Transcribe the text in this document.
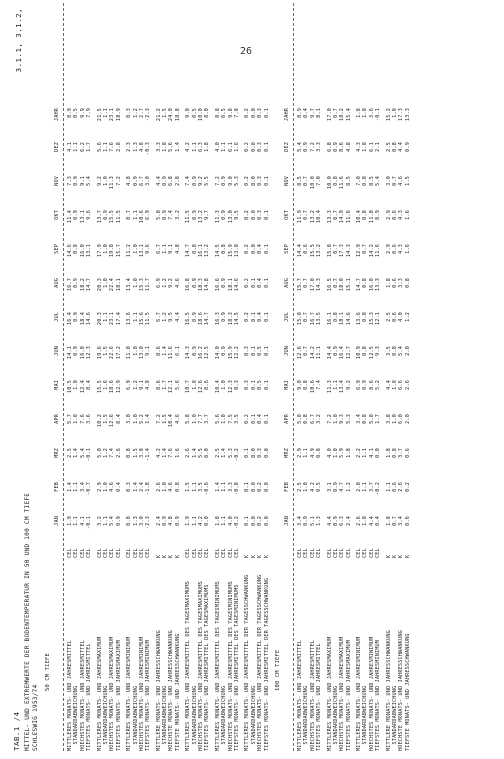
26
TAB.1 /4
3.1.1, 3.1.2,
MITTEL- UND EXTREMWERTE DER BODENTEMPERATUR IN 50 UND 100 CM TIEFE SCHLESWIG 1953/74
50 CM TIEFE
JAN
FEB
MRZ
APR
MAI
JUN
JUL
AUG
SEP
OKT
NOV
DEZ
JAHR
MITTLERES MONATS- UND JAHRESMITTEL
CEL
1.9
1.4
2.5
5.7
10.5
14.1
16.4
16.7
14.6
11.4
7.3
4.1
8.9
STANDARDABWEICHUNG
CEL
1.1
1.1
1.4
1.0
1.0
0.9
0.9
0.9
0.8
0.9
0.9
1.1
0.5
HOECHSTES MONATS- UND JAHRESMITTEL
CEL
4.1
3.4
5.4
7.6
12.4
16.0
18.4
18.2
16.0
13.1
9.1
6.2
9.9
TIEFSTES MONATS- UND JAHRESMITTEL
CEL
-0.1
-0.7
-0.1
3.6
8.4
12.3
14.6
14.7
13.1
9.6
5.4
1.7
7.9
MITTLERES MONATS- UND JAHRESMAXIMUM
CEL
3.2
2.9
5.0
10.2
15.5
19.6
20.3
20.3
17.9
13.7
9.2
5.6
21.5
STANDARDABWEICHUNG
CEL
1.1
1.0
1.2
1.5
1.6
1.5
1.1
1.0
1.0
0.9
1.0
1.1
1.1
HOECHSTES MONATS- UND JAHRESMAXIMUM
CEL
5.4
4.6
7.4
12.6
18.6
22.6
23.1
22.4
19.8
15.5
11.3
7.6
23.1
TIEFSTES MONATS- UND JAHRESMAXIMUM
CEL
0.9
0.4
2.6
8.4
12.9
17.2
17.4
18.1
15.7
11.5
7.2
2.8
18.9
MITTLERES MONATS- UND JAHRESMINIMUM
CEL
0.8
0.3
0.8
3.0
6.9
11.0
13.6
13.4
11.2
8.7
4.8
2.3
0.3
STANDARDABWEICHUNG
CEL
1.3
1.4
1.5
1.0
1.2
1.0
1.1
1.0
1.0
1.1
0.9
1.3
1.2
HOECHSTES MONATS- UND JAHRESMINIMUM
CEL
3.0
2.4
3.8
5.2
9.1
13.0
15.6
15.3
13.1
10.6
6.7
4.8
2.7
TIEFSTES MONATS- UND JAHRESMINIMUM
CEL
-2.3
-1.8
-1.4
1.4
4.8
9.1
11.5
11.7
9.6
6.9
3.0
-0.3
-2.3
MITTLERE MONATS- UND JAHRESSCHWANKUNG
K
2.4
2.6
4.2
7.2
8.6
8.6
6.7
6.9
6.7
5.0
4.4
3.3
21.2
STANDARDABWEICHUNG
K
0.9
1.0
1.4
1.5
1.7
1.4
1.2
1.2
1.1
0.9
0.9
1.0
1.5
HOECHSTE MONATS- UND JAHRESSCHWANKUNG
K
4.8
4.6
7.6
10.4
12.1
11.6
9.5
9.2
9.1
7.4
6.8
5.6
24.0
TIEFSTE MONATS- UND JAHRESSCHWANKUNG
K
0.9
0.8
1.6
4.6
5.6
6.1
4.4
4.6
4.8
3.2
2.8
1.4
18.8
MITTLERES MONATS- UND JAHRESMITTEL DES TAGESMAXIMUMS
CEL
1.9
1.5
2.6
5.8
10.7
14.3
16.5
16.8
14.7
11.5
7.4
4.2
9.0
STANDARDABWEICHUNG
CEL
1.1
1.1
1.4
1.0
1.0
0.9
0.9
0.9
0.8
0.9
0.9
1.1
0.5
HOECHSTES MONATS- UND JAHRESMITTEL DES TAGESMAXIMUMS
CEL
4.2
3.5
5.5
7.7
12.6
16.2
18.6
18.3
16.1
13.2
9.2
6.3
10.0
TIEFSTES MONATS- UND JAHRESMITTEL DES TAGESMAXIMUMS
CEL
0.0
-0.6
0.0
3.7
8.6
12.5
14.7
14.8
13.2
9.7
5.5
1.8
8.0
MITTLERES MONATS- UND JAHRESMITTEL DES TAGESMINIMUMS
CEL
1.8
1.4
2.5
5.6
10.4
14.0
16.3
16.6
14.5
11.3
7.2
4.0
8.8
STANDARDABWEICHUNG
CEL
1.1
1.1
1.4
1.0
1.0
0.9
0.9
0.9
0.8
0.9
0.9
1.1
0.5
HOECHSTES MONATS- UND JAHRESMITTEL DES TAGESMINIMUMS
CEL
4.0
3.3
5.3
7.5
12.3
15.9
18.3
18.1
15.9
13.0
9.0
6.1
9.8
TIEFSTES MONATS- UND JAHRESMITTEL DES TAGESMINIMUMS
CEL
-0.2
-0.8
-0.2
3.5
8.3
12.2
14.5
14.6
13.0
9.5
5.3
1.6
7.8
MITTLERES MONATS- UND JAHRESMITTEL DER TAGESSCHWANKUNG
K
0.1
0.1
0.1
0.2
0.3
0.3
0.2
0.2
0.2
0.2
0.2
0.2
0.2
STANDARDABWEICHUNG
K
0.0
0.0
0.0
0.1
0.1
0.1
0.1
0.1
0.0
0.0
0.0
0.0
0.0
HOECHSTES MONATS- UND JAHRESMITTEL DER TAGESSCHWANKUNG
K
0.2
0.2
0.3
0.4
0.5
0.5
0.4
0.4
0.4
0.3
0.3
0.3
0.3
TIEFSTES MONATS- UND JAHRESMITTEL DER TAGESSCHWANKUNG
K
0.0
0.0
0.0
0.1
0.1
0.1
0.1
0.1
0.1
0.1
0.1
0.1
0.1
100 CM TIEFE
JAN
FEB
MRZ
APR
MAI
JUN
JUL
AUG
SEP
OKT
NOV
DEZ
JAHR
MITTLERES MONATS- UND JAHRESMITTEL
CEL
3.4
2.5
2.9
5.0
9.0
12.6
15.0
15.7
14.4
11.9
8.5
5.4
8.9
STANDARDABWEICHUNG
CEL
0.9
1.0
1.1
0.8
0.8
0.7
0.7
0.7
0.6
0.7
0.7
0.9
0.4
HOECHSTES MONATS- UND JAHRESMITTEL
CEL
5.1
4.2
4.9
6.7
10.6
14.2
16.7
17.0
15.5
13.2
10.0
7.2
9.7
TIEFSTES MONATS- UND JAHRESMITTEL
CEL
1.3
0.5
0.8
3.2
7.4
11.1
13.5
14.3
13.2
10.4
7.0
3.3
8.1
MITTLERES MONATS- UND JAHRESMAXIMUM
CEL
4.4
3.1
4.0
7.2
11.3
14.4
16.1
16.5
15.8
13.3
10.0
6.8
17.0
STANDARDABWEICHUNG
CEL
0.9
0.9
1.0
1.0
1.1
0.9
0.8
0.7
0.7
0.7
0.8
0.9
0.7
HOECHSTES MONATS- UND JAHRESMAXIMUM
CEL
6.3
4.7
5.9
9.3
13.4
16.4
18.1
18.0
17.3
14.9
11.6
8.6
18.2
TIEFSTES MONATS- UND JAHRESMAXIMUM
CEL
2.4
1.2
1.8
5.3
9.2
12.7
14.6
15.1
14.3
11.6
8.5
4.8
15.4
MITTLERES MONATS- UND JAHRESMINIMUM
CEL
2.6
2.0
2.2
3.4
6.9
10.9
13.6
14.7
12.9
10.4
7.0
4.3
1.8
STANDARDABWEICHUNG
CEL
1.0
1.1
1.1
0.8
0.9
0.8
0.8
0.8
0.7
0.8
0.8
1.0
1.0
HOECHSTES MONATS- UND JAHRESMINIMUM
CEL
4.4
3.7
4.1
5.0
8.6
12.5
15.3
16.0
14.2
11.8
8.5
6.1
3.6
TIEFSTES MONATS- UND JAHRESMINIMUM
CEL
0.4
-0.2
0.0
1.7
5.2
9.3
12.1
13.3
11.6
8.9
5.4
2.1
-0.1
MITTLERE MONATS- UND JAHRESSCHWANKUNG
K
1.8
1.1
1.8
3.8
4.4
3.5
2.5
1.8
2.9
2.9
3.0
2.5
15.2
STANDARDABWEICHUNG
K
0.7
0.6
0.8
1.0
1.0
0.8
0.6
0.6
0.6
0.6
0.7
0.8
1.0
HOECHSTE MONATS- UND JAHRESSCHWANKUNG
K
3.4
2.6
3.7
6.0
6.6
5.4
4.0
3.3
4.3
4.3
4.6
4.4
17.3
TIEFSTE MONATS- UND JAHRESSCHWANKUNG
K
0.6
0.2
0.6
2.0
2.6
2.0
1.2
0.8
1.6
1.6
1.5
0.9
13.3
